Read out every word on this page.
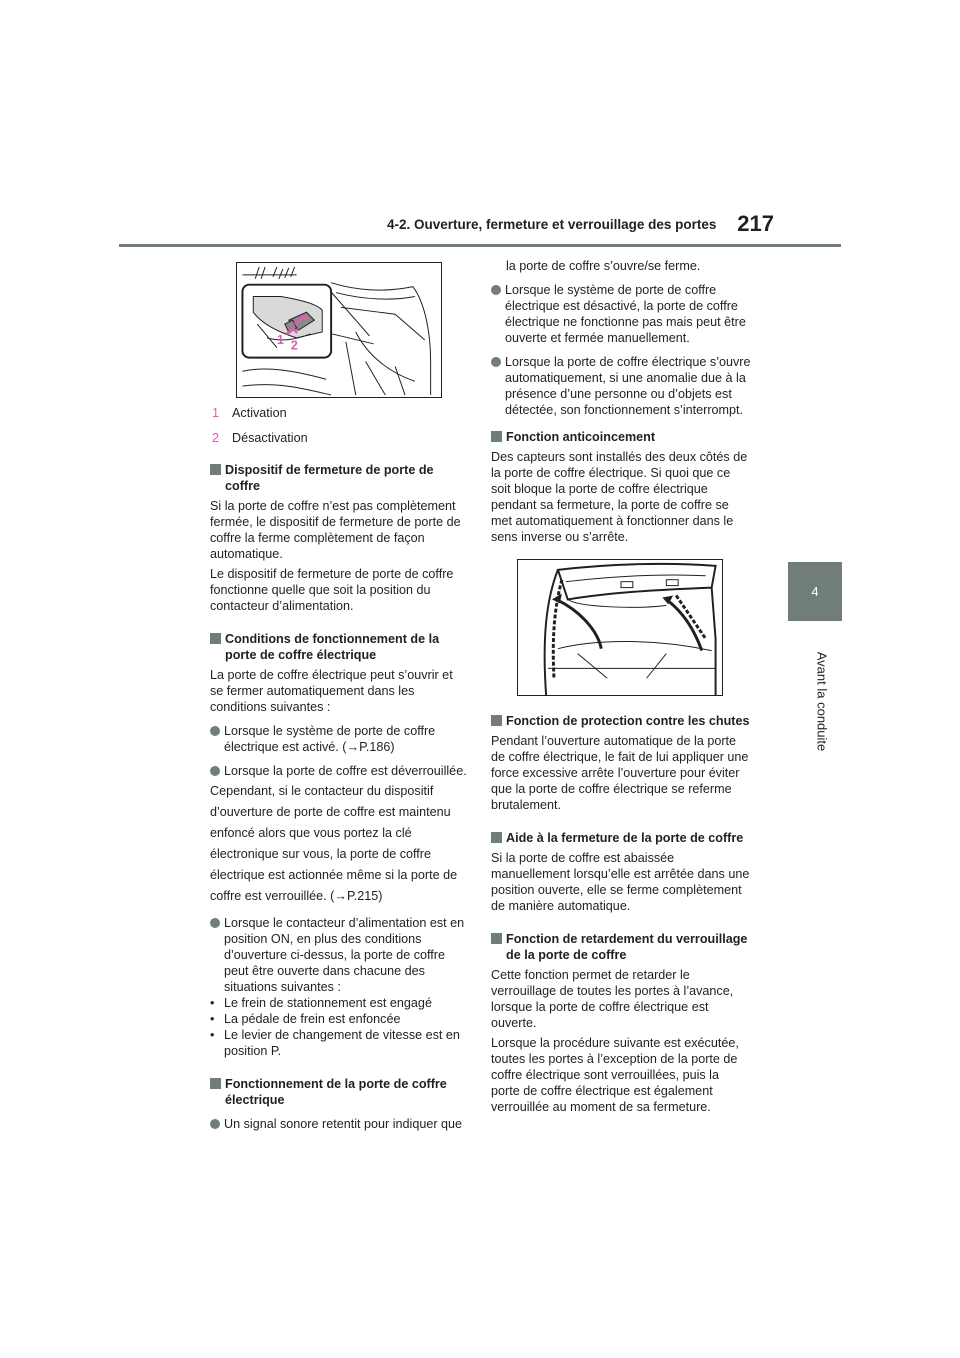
4-2. Ouverture, fermeture et verrouillage des portes 217
4
Avant la conduite
1 2
1	Activation
2	Désactivation
Dispositif de fermeture de porte de coffre

Si la porte de coffre n’est pas complètement fermée, le dispositif de fermeture de porte de coffre la ferme complètement de façon automatique.

Le dispositif de fermeture de porte de coffre fonctionne quelle que soit la position du contacteur d’alimentation.

Conditions de fonctionnement de la porte de coffre électrique

La porte de coffre électrique peut s’ouvrir et se fermer automatiquement dans les conditions suivantes :

Lorsque le système de porte de coffre électrique est activé. (→P.186)
Lorsque la porte de coffre est déverrouillée.

Cependant, si le contacteur du dispositif d’ouverture de porte de coffre est maintenu enfoncé alors que vous portez la clé électronique sur vous, la porte de coffre électrique est actionnée même si la porte de coffre est verrouillée. (→P.215)

Lorsque le contacteur d’alimentation est en position ON, en plus des conditions d’ouverture ci-dessus, la porte de coffre peut être ouverte dans chacune des situations suivantes :
• Le frein de stationnement est engagé
• La pédale de frein est enfoncée
• Le levier de changement de vitesse est en position P.
Fonctionnement de la porte de coffre électrique
Un signal sonore retentit pour indiquer que

la porte de coffre s’ouvre/se ferme.

Lorsque le système de porte de coffre électrique est désactivé, la porte de coffre électrique ne fonctionne pas mais peut être ouverte et fermée manuellement.
Lorsque la porte de coffre électrique s’ouvre automatiquement, si une anomalie due à la présence d’une personne ou d’objets est détectée, son fonctionnement s’interrompt.
Fonction anticoincement

Des capteurs sont installés des deux côtés de la porte de coffre électrique. Si quoi que ce soit bloque la porte de coffre électrique pendant sa fermeture, la porte de coffre se met automatiquement à fonctionner dans le sens inverse ou s’arrête.

Fonction de protection contre les chutes

Pendant l’ouverture automatique de la porte de coffre électrique, le fait de lui appliquer une force excessive arrête l’ouverture pour éviter que la porte de coffre électrique se referme brutalement.

Aide à la fermeture de la porte de coffre

Si la porte de coffre est abaissée manuellement lorsqu’elle est arrêtée dans une position ouverte, elle se ferme complètement de manière automatique.

Fonction de retardement du verrouillage de la porte de coffre

Cette fonction permet de retarder le verrouillage de toutes les portes à l’avance, lorsque la porte de coffre électrique est ouverte.

Lorsque la procédure suivante est exécutée, toutes les portes à l’exception de la porte de coffre électrique sont verrouillées, puis la porte de coffre électrique est également verrouillée au moment de sa fermeture.
